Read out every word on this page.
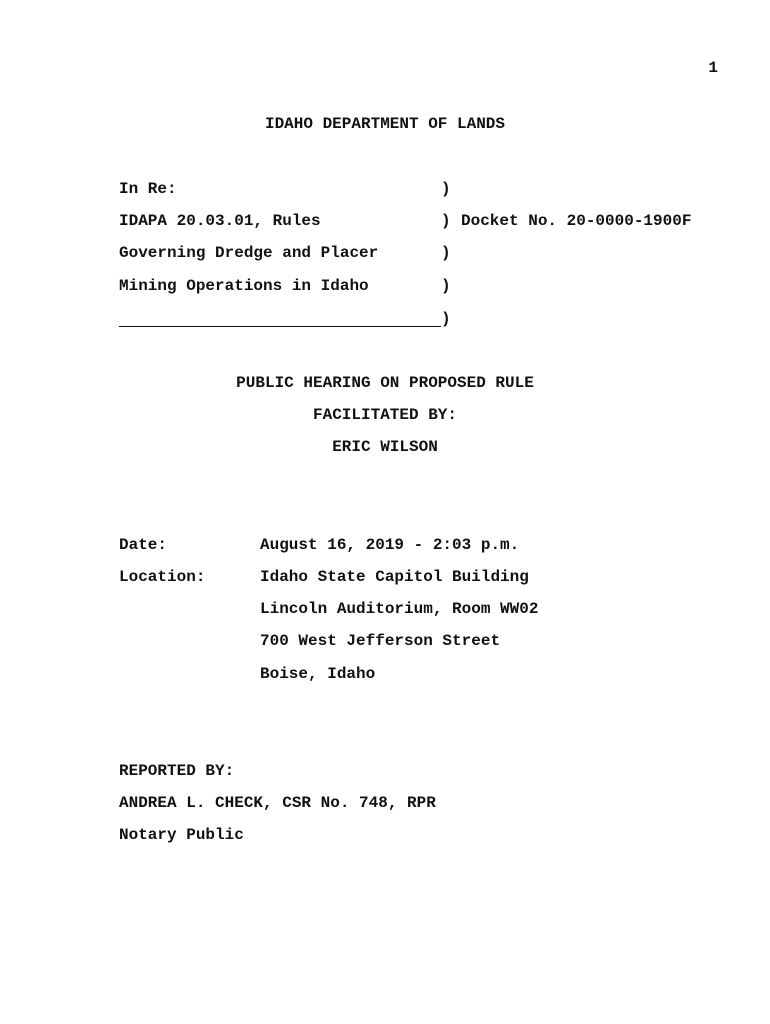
1
IDAHO DEPARTMENT OF LANDS
In Re:	)
IDAPA 20.03.01, Rules	) Docket No. 20-0000-1900F
Governing Dredge and Placer	)
Mining Operations in Idaho	)
)
PUBLIC HEARING ON PROPOSED RULE
FACILITATED BY:
ERIC WILSON
Date:	August 16, 2019 - 2:03 p.m.
Location:	Idaho State Capitol Building
Lincoln Auditorium, Room WW02
700 West Jefferson Street
Boise, Idaho
REPORTED BY:
ANDREA L. CHECK, CSR No. 748, RPR
Notary Public
